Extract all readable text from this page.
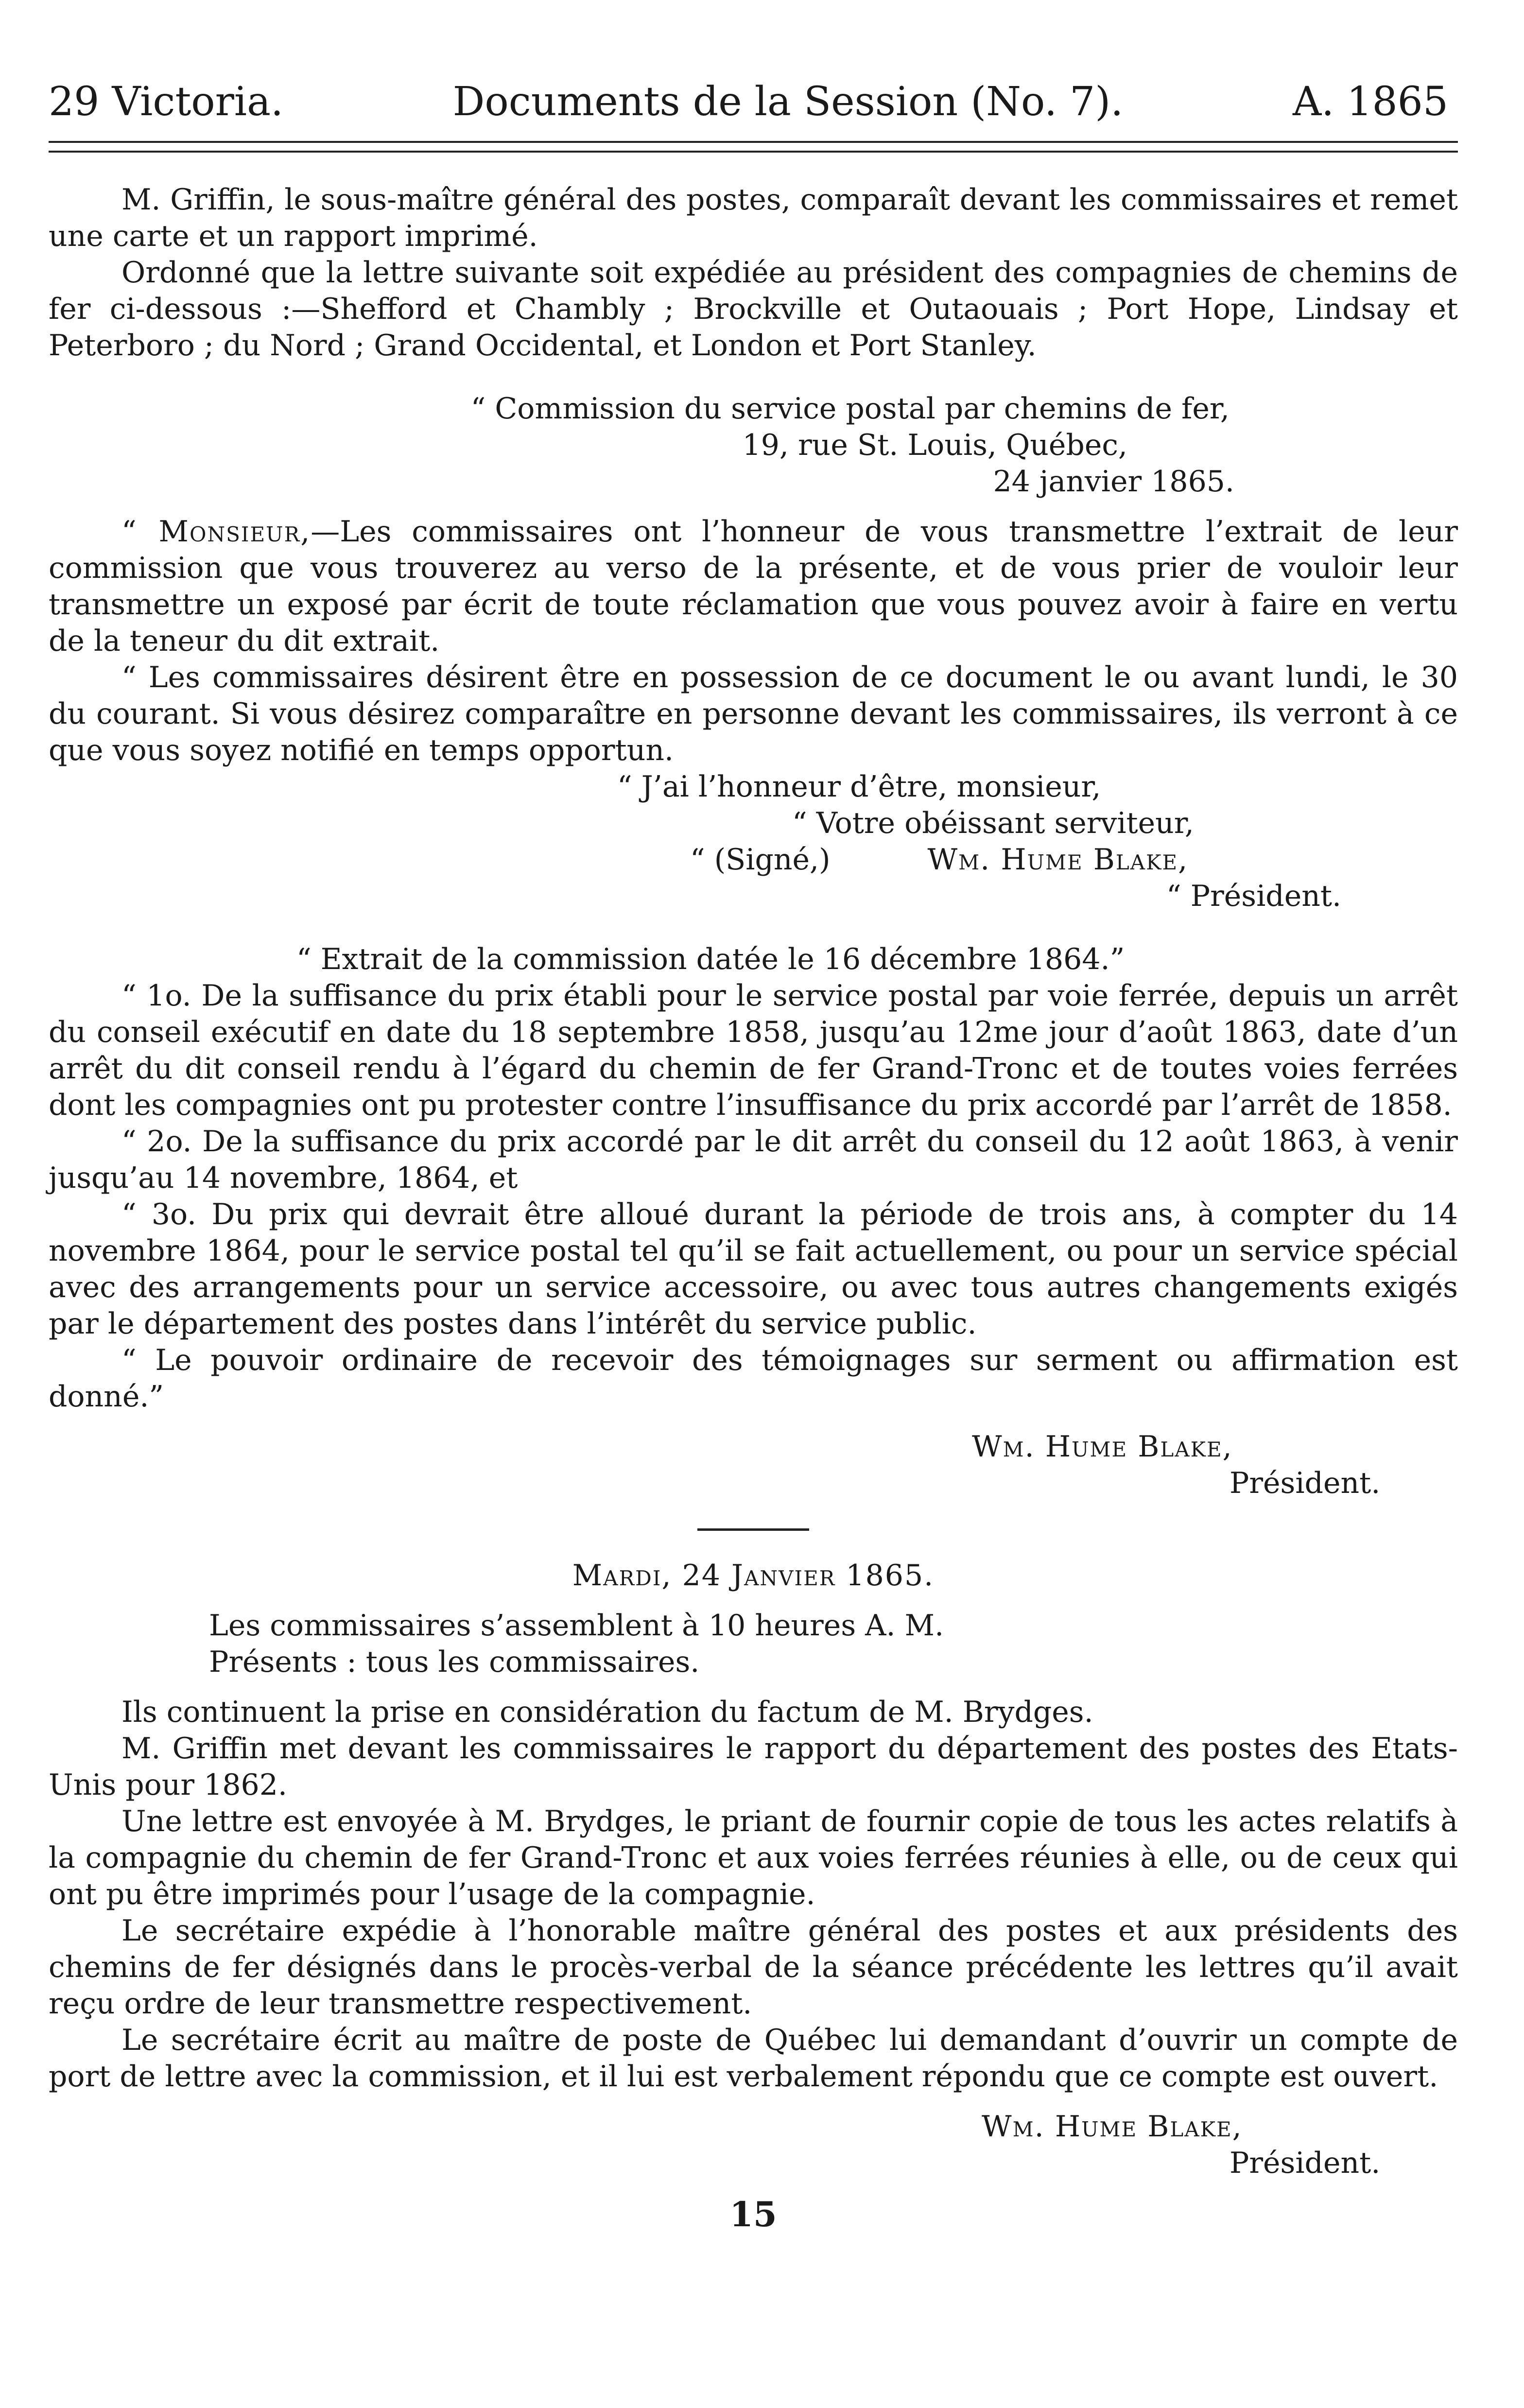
29 Victoria.	Documents de la Session (No. 7).	A. 1865

M. Griffin, le sous-maître général des postes, comparaît devant les commissaires et remet une carte et un rapport imprimé.

Ordonné que la lettre suivante soit expédiée au président des compagnies de chemins de fer ci-dessous :—Shefford et Chambly ; Brockville et Outaouais ; Port Hope, Lindsay et Peterboro ; du Nord ; Grand Occidental, et London et Port Stanley.

“ Commission du service postal par chemins de fer,

19, rue St. Louis, Québec,

24 janvier 1865.

“ Monsieur,—Les commissaires ont l’honneur de vous transmettre l’extrait de leur commission que vous trouverez au verso de la présente, et de vous prier de vouloir leur transmettre un exposé par écrit de toute réclamation que vous pouvez avoir à faire en vertu de la teneur du dit extrait.

“ Les commissaires désirent être en possession de ce document le ou avant lundi, le 30 du courant. Si vous désirez comparaître en personne devant les commissaires, ils verront à ce que vous soyez notifié en temps opportun.

“ J’ai l’honneur d’être, monsieur,

“ Votre obéissant serviteur,

“ (Signé,)	Wm. Hume Blake,

“ Président.

“ Extrait de la commission datée le 16 décembre 1864.”

“ 1o. De la suffisance du prix établi pour le service postal par voie ferrée, depuis un arrêt du conseil exécutif en date du 18 septembre 1858, jusqu’au 12me jour d’août 1863, date d’un arrêt du dit conseil rendu à l’égard du chemin de fer Grand-Tronc et de toutes voies ferrées dont les compagnies ont pu protester contre l’insuffisance du prix accordé par l’arrêt de 1858.

“ 2o. De la suffisance du prix accordé par le dit arrêt du conseil du 12 août 1863, à venir jusqu’au 14 novembre, 1864, et

“ 3o. Du prix qui devrait être alloué durant la période de trois ans, à compter du 14 novembre 1864, pour le service postal tel qu’il se fait actuellement, ou pour un service spécial avec des arrangements pour un service accessoire, ou avec tous autres changements exigés par le département des postes dans l’intérêt du service public.

“ Le pouvoir ordinaire de recevoir des témoignages sur serment ou affirmation est donné.”

Wm. Hume Blake,

Président.

Mardi, 24 Janvier 1865.

Les commissaires s’assemblent à 10 heures A. M.

Présents : tous les commissaires.

Ils continuent la prise en considération du factum de M. Brydges.

M. Griffin met devant les commissaires le rapport du département des postes des Etats-Unis pour 1862.

Une lettre est envoyée à M. Brydges, le priant de fournir copie de tous les actes relatifs à la compagnie du chemin de fer Grand-Tronc et aux voies ferrées réunies à elle, ou de ceux qui ont pu être imprimés pour l’usage de la compagnie.

Le secrétaire expédie à l’honorable maître général des postes et aux présidents des chemins de fer désignés dans le procès-verbal de la séance précédente les lettres qu’il avait reçu ordre de leur transmettre respectivement.

Le secrétaire écrit au maître de poste de Québec lui demandant d’ouvrir un compte de port de lettre avec la commission, et il lui est verbalement répondu que ce compte est ouvert.

Wm. Hume Blake,

Président.

15
